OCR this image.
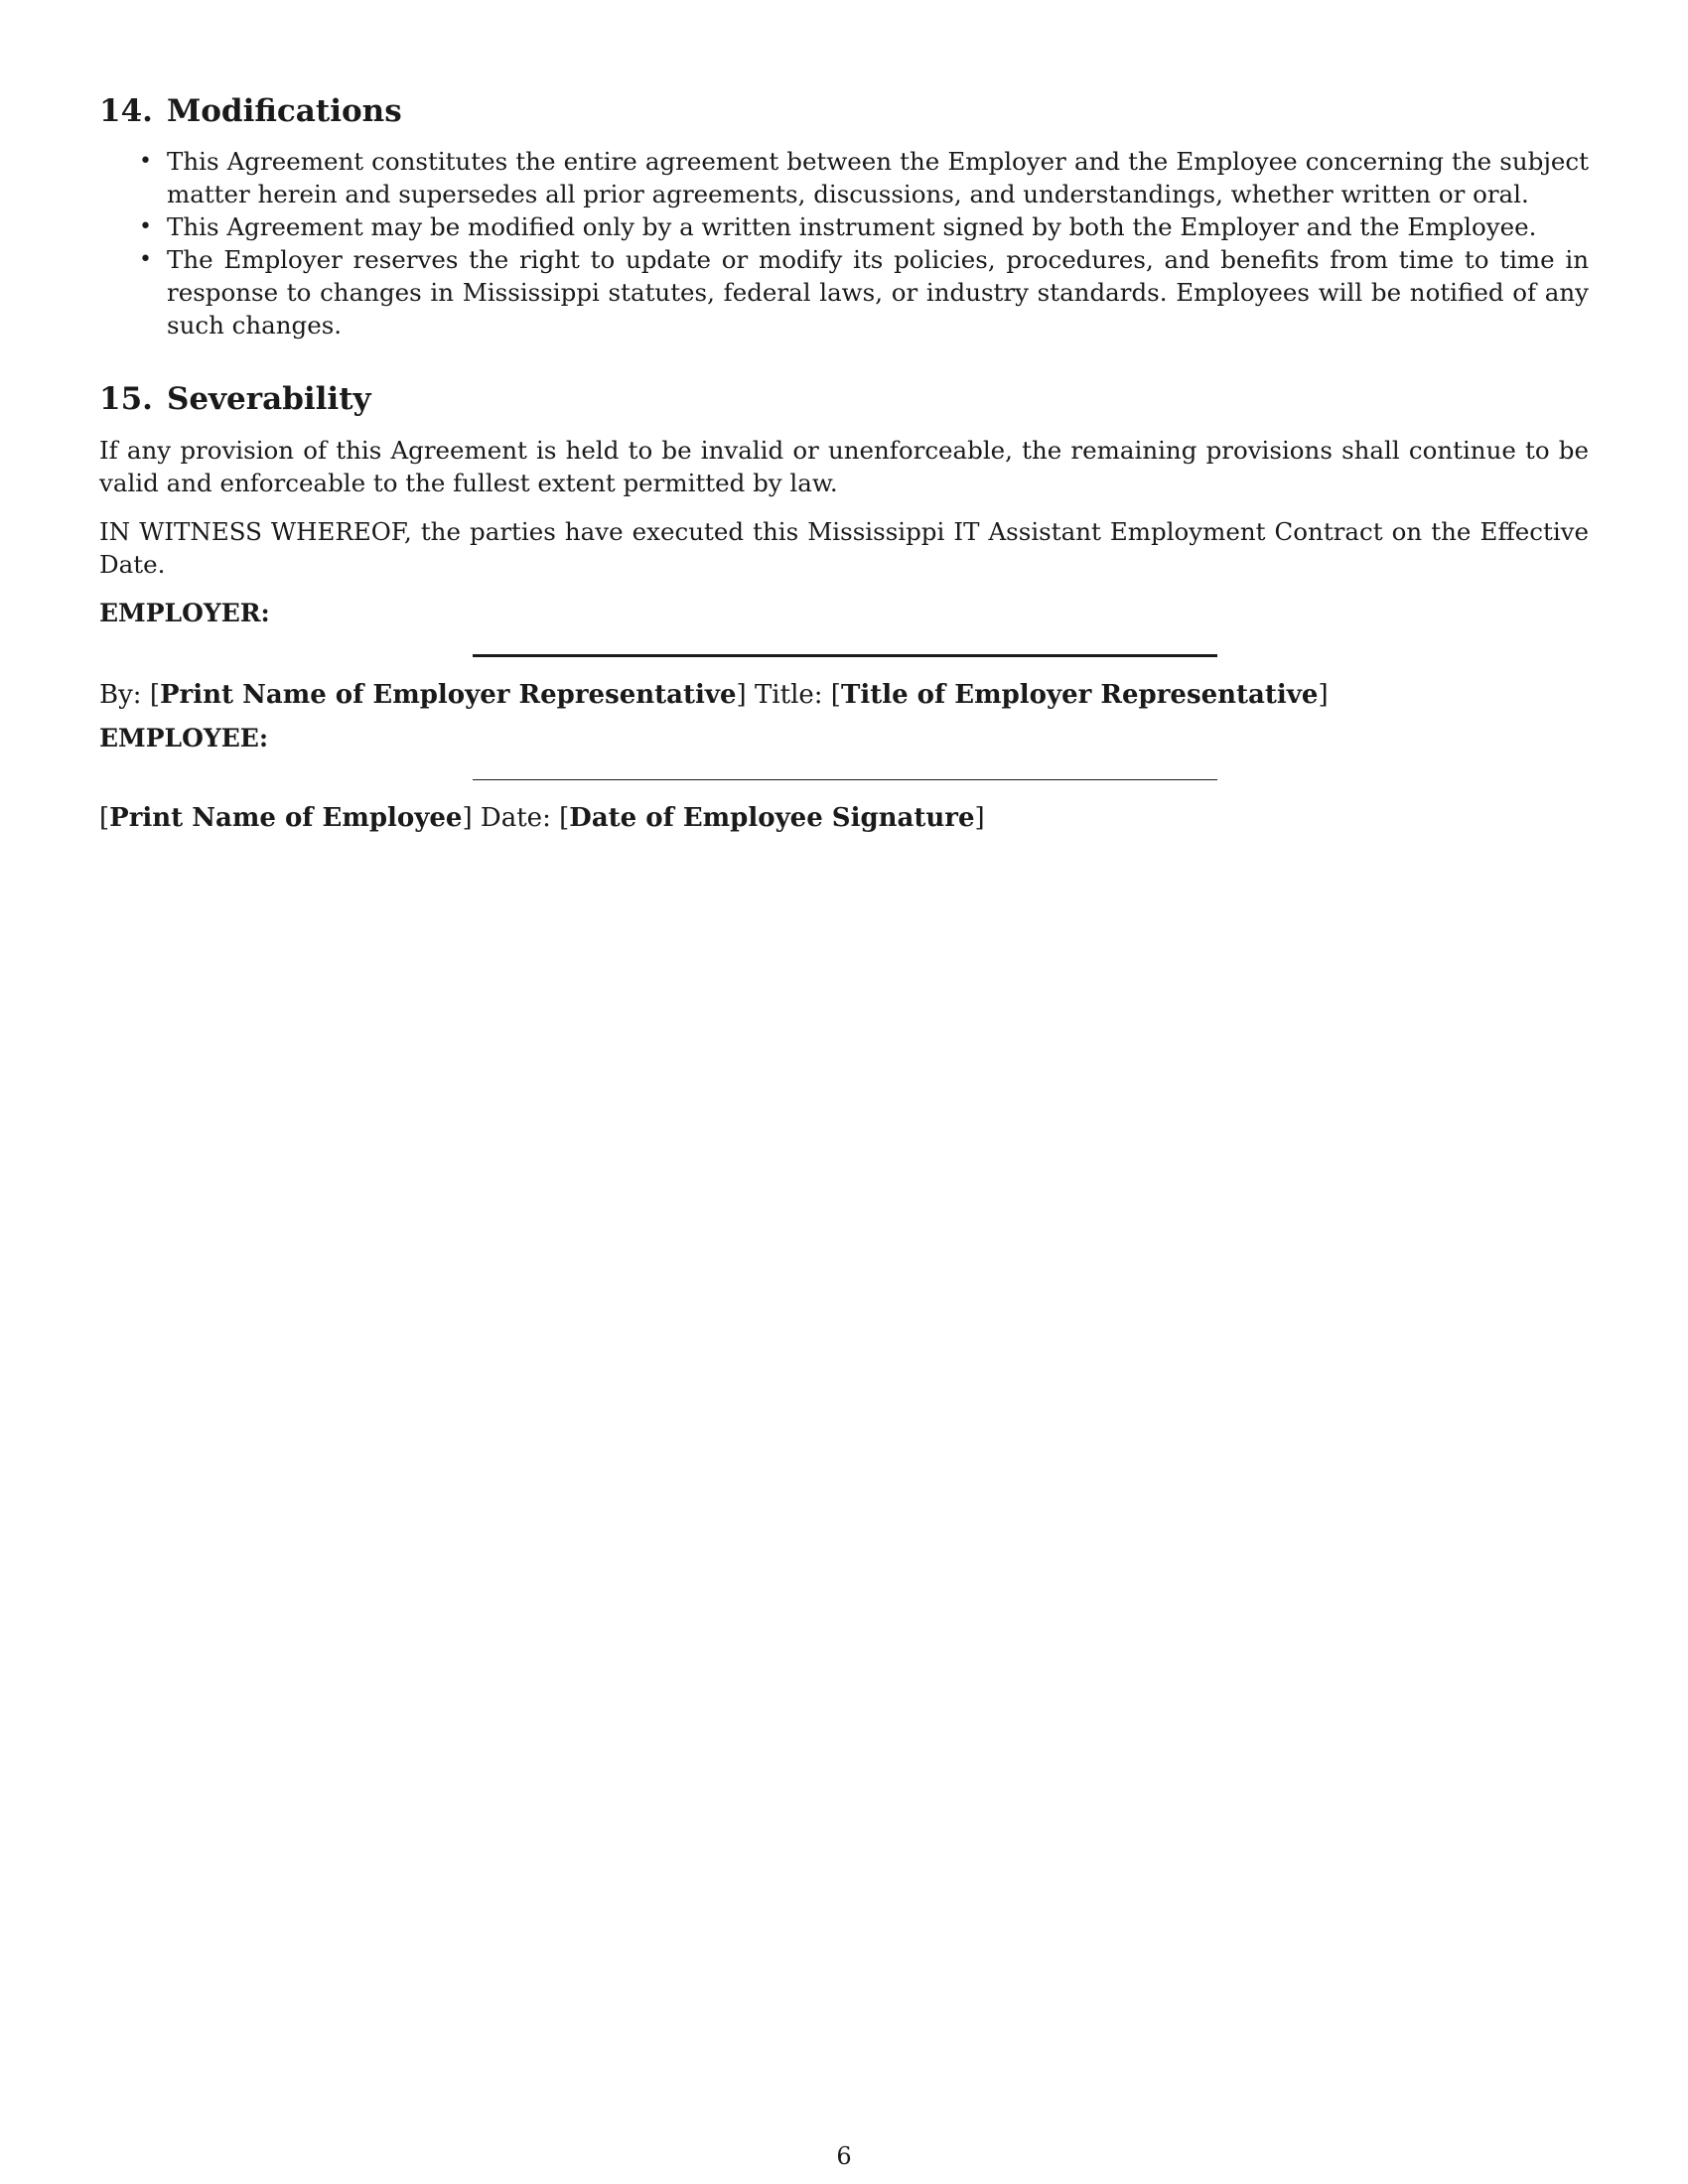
14. Modifications
• This Agreement constitutes the entire agreement between the Employer and the Employee concerning the subject matter herein and supersedes all prior agreements, discussions, and understandings, whether written or oral.
• This Agreement may be modified only by a written instrument signed by both the Employer and the Employee.
• The Employer reserves the right to update or modify its policies, procedures, and benefits from time to time in response to changes in Mississippi statutes, federal laws, or industry standards. Employees will be notified of any such changes.
15. Severability

If any provision of this Agreement is held to be invalid or unenforceable, the remaining provisions shall continue to be valid and enforceable to the fullest extent permitted by law.

IN WITNESS WHEREOF, the parties have executed this Mississippi IT Assistant Employment Contract on the Effective Date.

EMPLOYER:

By: [Print Name of Employer Representative] Title: [Title of Employer Representative]

EMPLOYEE:

[Print Name of Employee] Date: [Date of Employee Signature]

6
